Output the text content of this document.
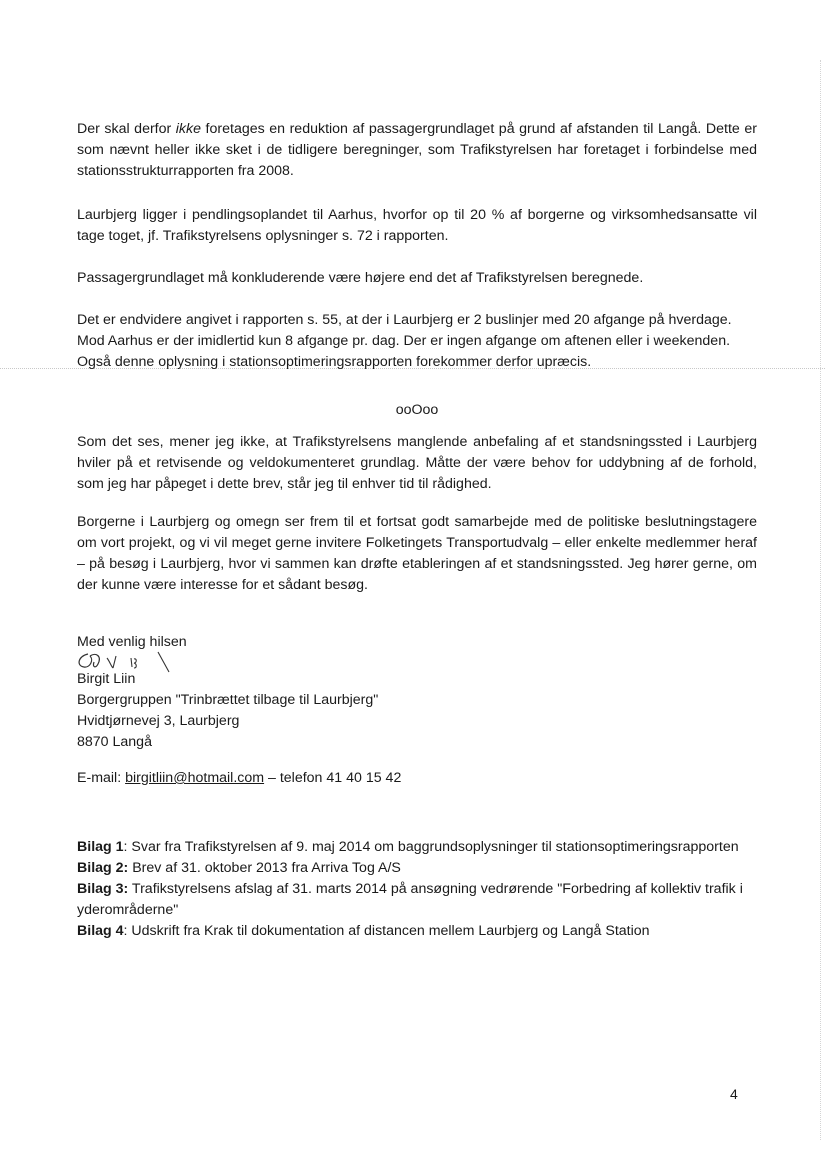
Der skal derfor ikke foretages en reduktion af passagergrundlaget på grund af afstanden til Langå. Dette er som nævnt heller ikke sket i de tidligere beregninger, som Trafikstyrelsen har foretaget i forbindelse med stationsstrukturrapporten fra 2008.

Laurbjerg ligger i pendlingsoplandet til Aarhus, hvorfor op til 20 % af borgerne og virksomhedsansatte vil tage toget, jf. Trafikstyrelsens oplysninger s. 72 i rapporten.

Passagergrundlaget må konkluderende være højere end det af Trafikstyrelsen beregnede.

Det er endvidere angivet i rapporten s. 55, at der i Laurbjerg er 2 buslinjer med 20 afgange på hverdage.

Mod Aarhus er der imidlertid kun 8 afgange pr. dag. Der er ingen afgange om aftenen eller i weekenden.

Også denne oplysning i stationsoptimeringsrapporten forekommer derfor upræcis.

ooOoo

Som det ses, mener jeg ikke, at Trafikstyrelsens manglende anbefaling af et standsningssted i Laurbjerg hviler på et retvisende og veldokumenteret grundlag. Måtte der være behov for uddybning af de forhold, som jeg har påpeget i dette brev, står jeg til enhver tid til rådighed.

Borgerne i Laurbjerg og omegn ser frem til et fortsat godt samarbejde med de politiske beslutningstagere om vort projekt, og vi vil meget gerne invitere Folketingets Transportudvalg – eller enkelte medlemmer heraf – på besøg i Laurbjerg, hvor vi sammen kan drøfte etableringen af et standsningssted. Jeg hører gerne, om der kunne være interesse for et sådant besøg.

Med venlig hilsen

Birgit Liin

Borgergruppen "Trinbrættet tilbage til Laurbjerg"

Hvidtjørnevej 3, Laurbjerg

8870 Langå

E-mail: birgitliin@hotmail.com – telefon 41 40 15 42

Bilag 1: Svar fra Trafikstyrelsen af 9. maj 2014 om baggrundsoplysninger til stationsoptimeringsrapporten

Bilag 2: Brev af 31. oktober 2013 fra Arriva Tog A/S

Bilag 3: Trafikstyrelsens afslag af 31. marts 2014 på ansøgning vedrørende "Forbedring af kollektiv trafik i yderområderne"

Bilag 4: Udskrift fra Krak til dokumentation af distancen mellem Laurbjerg og Langå Station

4
